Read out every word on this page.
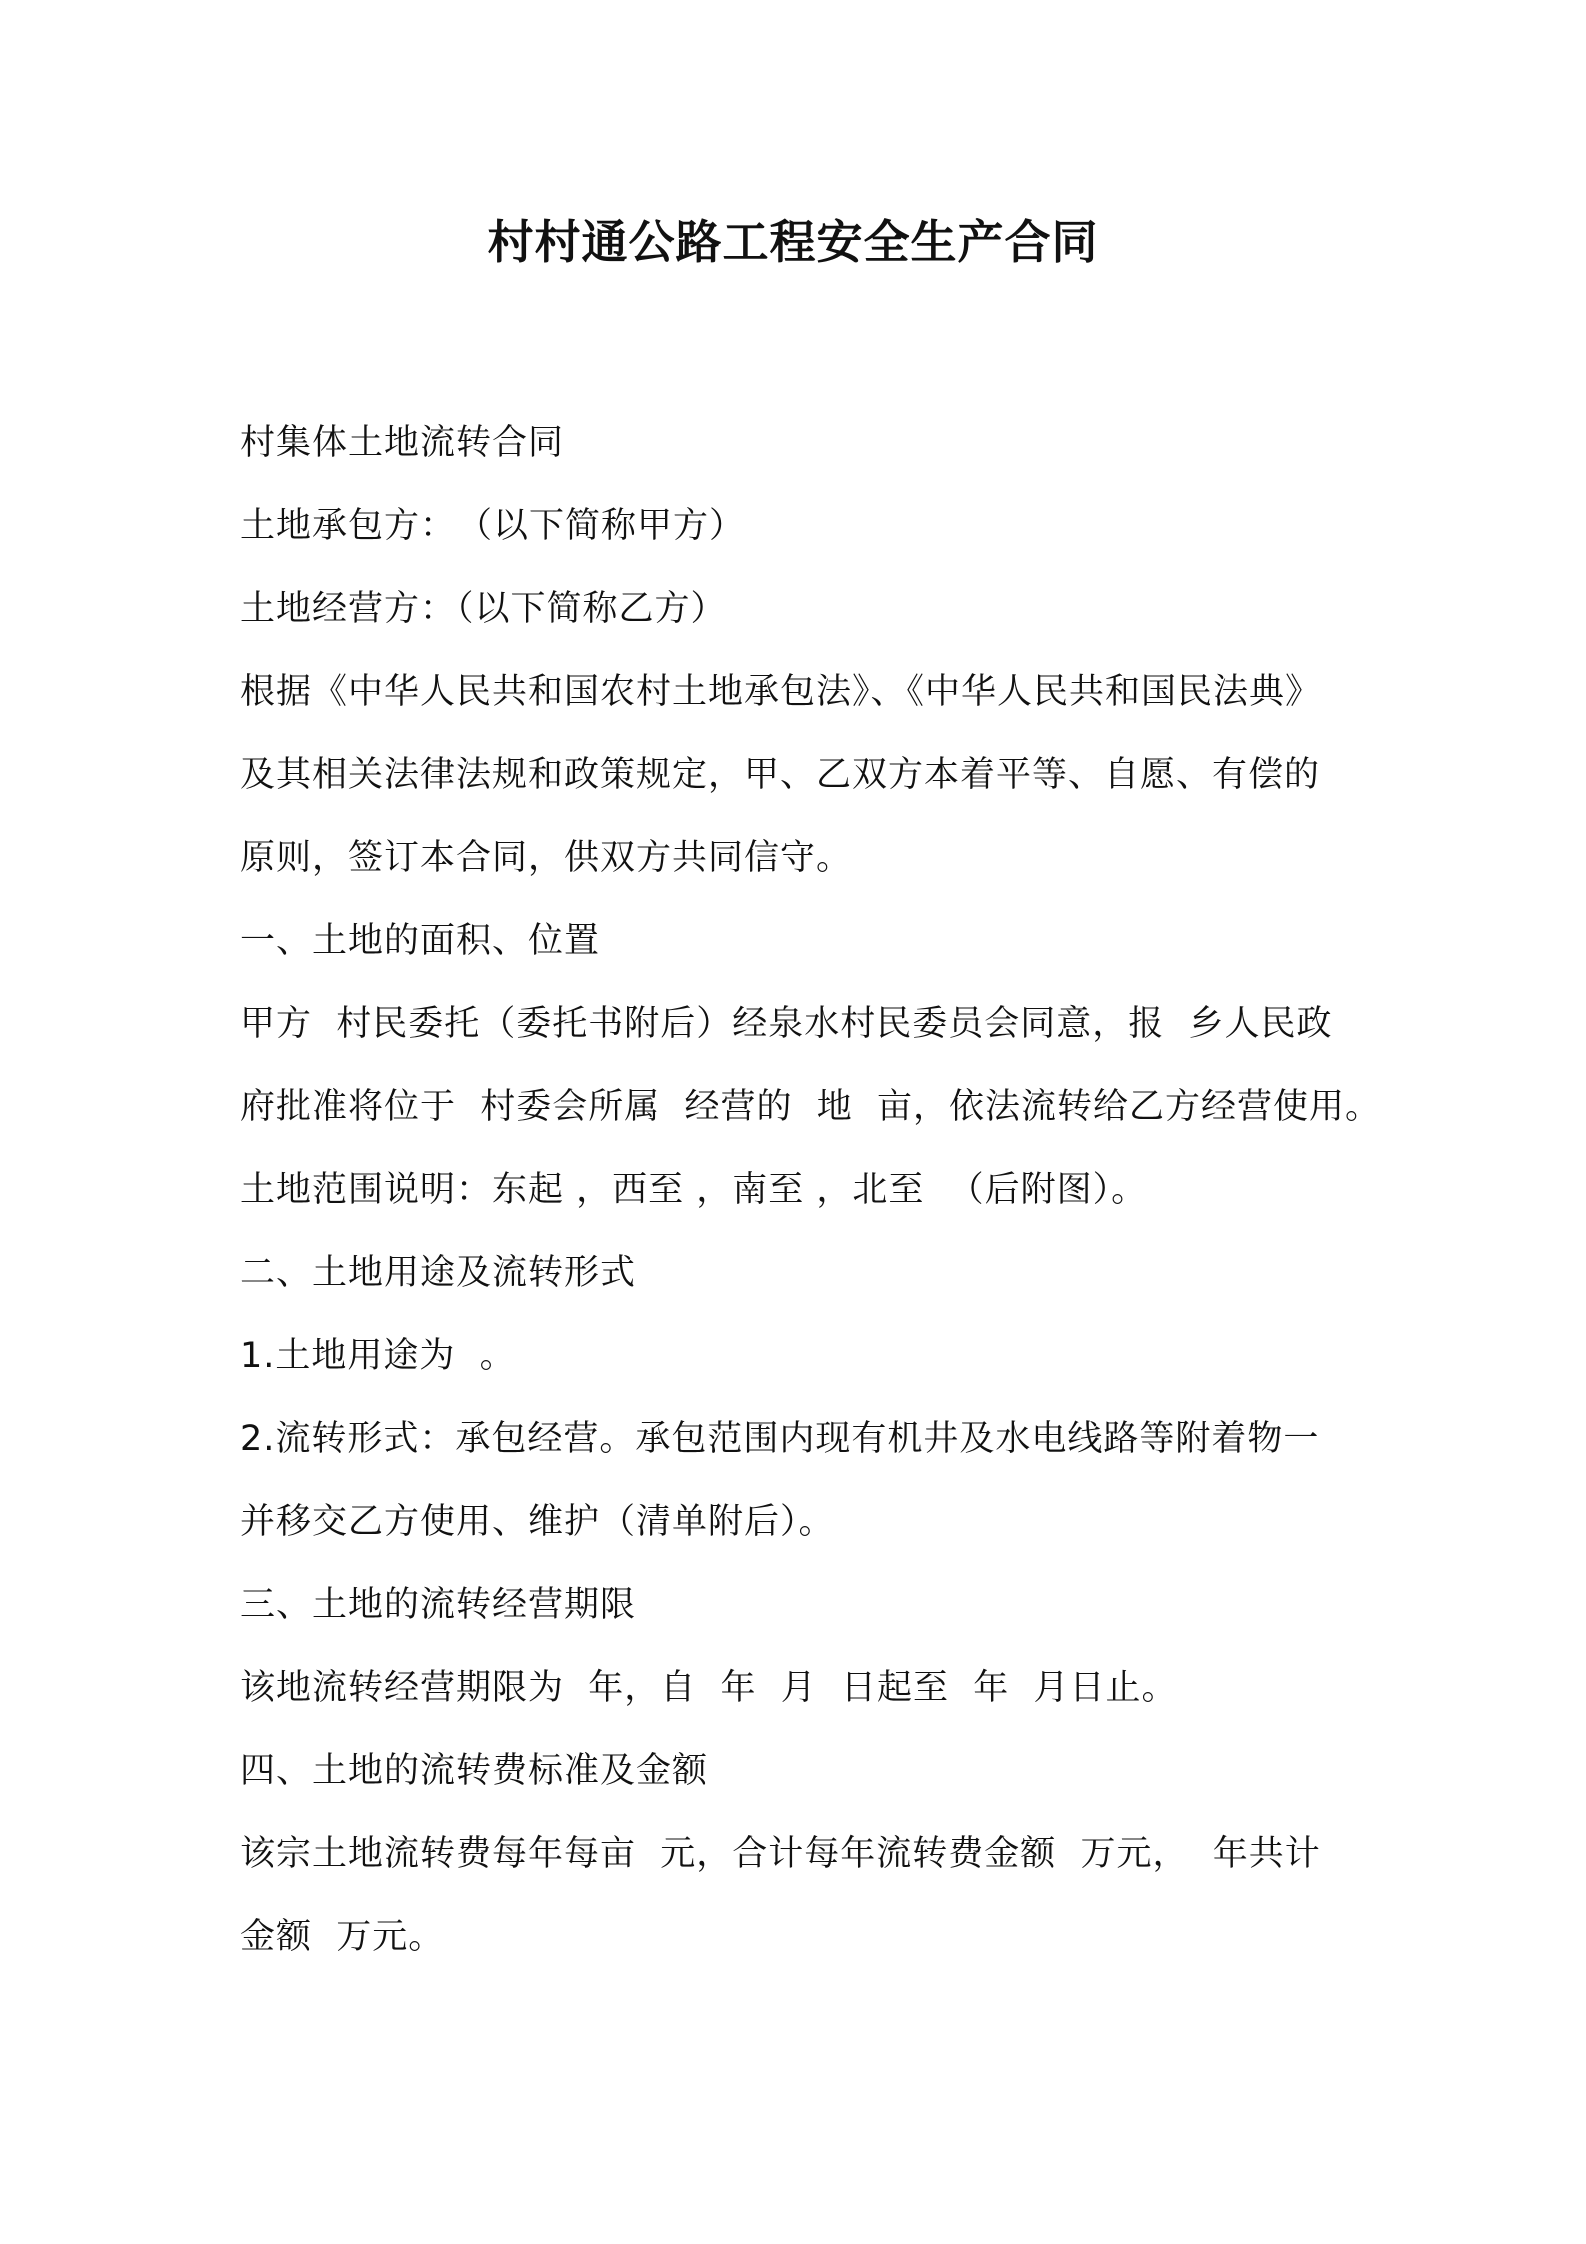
村村通公路工程安全生产合同
村集体土地流转合同
土地承包方：　（以下简称甲方）
土地经营方：（以下简称乙方）
根据《中华人民共和国农村土地承包法》、《中华人民共和国民法典》
及其相关法律法规和政策规定，甲、乙双方本着平等、自愿、有偿的
原则，签订本合同，供双方共同信守。
一、土地的面积、位置
甲方  村民委托（委托书附后）经泉水村民委员会同意，报  乡人民政
府批准将位于  村委会所属  经营的  地  亩，依法流转给乙方经营使用。
土地范围说明：东起 ，西至 ，南至 ，北至  （后附图）。
二、土地用途及流转形式
1.土地用途为  。
2.流转形式：承包经营。承包范围内现有机井及水电线路等附着物一
并移交乙方使用、维护（清单附后）。
三、土地的流转经营期限
该地流转经营期限为  年，自  年  月  日起至  年  月日止。
四、土地的流转费标准及金额
该宗土地流转费每年每亩  元，合计每年流转费金额  万元，  年共计
金额  万元。
